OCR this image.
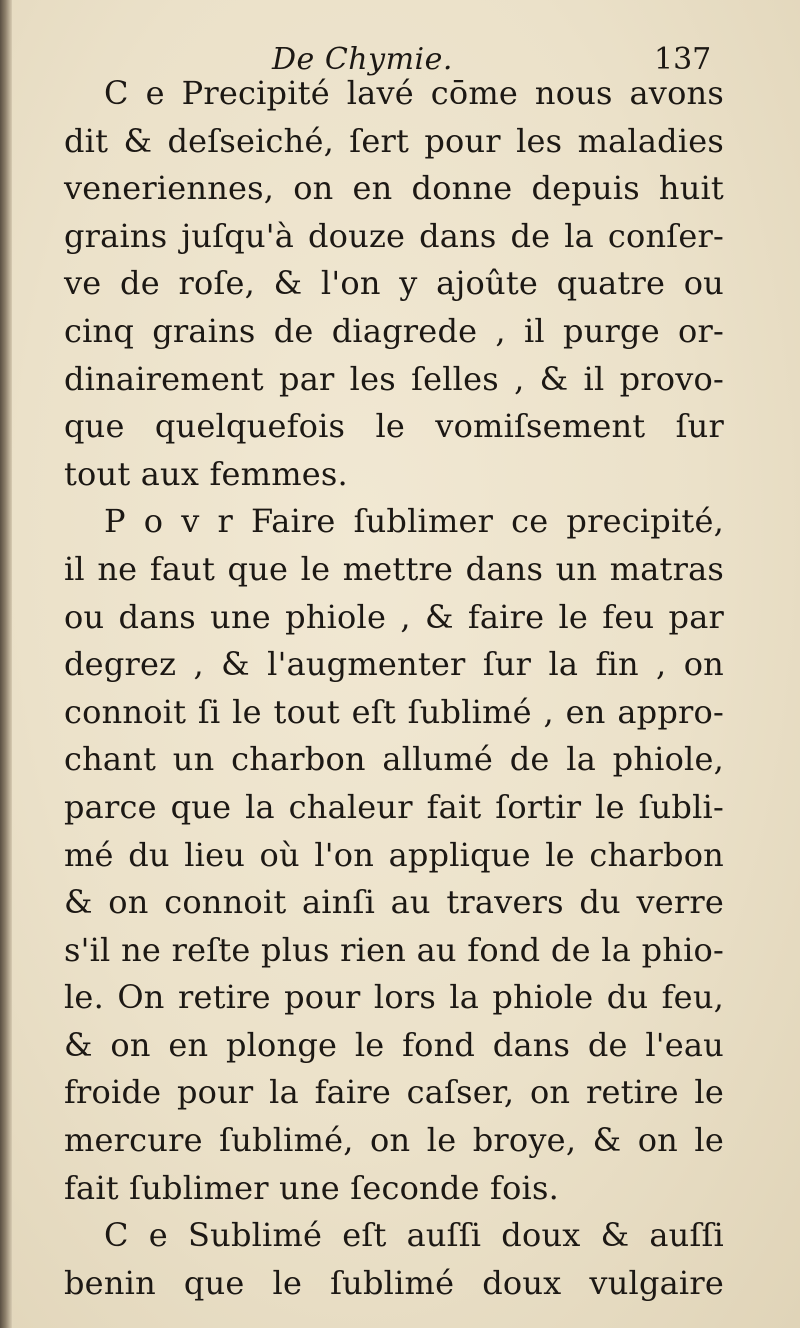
De Chymie.	137
C e Precipité lavé cōme nous avons
dit & deſseiché, ſert pour les maladies
veneriennes, on en donne depuis huit
grains juſqu'à douze dans de la conſer-
ve de roſe, & l'on y ajoûte quatre ou
cinq grains de diagrede , il purge or-
dinairement par les ſelles , & il provo-
que quelquefois le vomiſsement ſur
tout aux femmes.
P o v r Faire ſublimer ce precipité,
il ne faut que le mettre dans un matras
ou dans une phiole , & faire le feu par
degrez , & l'augmenter ſur la fin , on
connoit ſi le tout eſt ſublimé , en appro-
chant un charbon allumé de la phiole,
parce que la chaleur fait ſortir le ſubli-
mé du lieu où l'on applique le charbon
& on connoit ainſi au travers du verre
s'il ne reſte plus rien au fond de la phio-
le. On retire pour lors la phiole du feu,
& on en plonge le fond dans de l'eau
froide pour la faire caſser, on retire le
mercure ſublimé, on le broye, & on le
fait ſublimer une ſeconde fois.
C e Sublimé eſt auſſi doux & auſſi
benin que le ſublimé doux vulgaire
